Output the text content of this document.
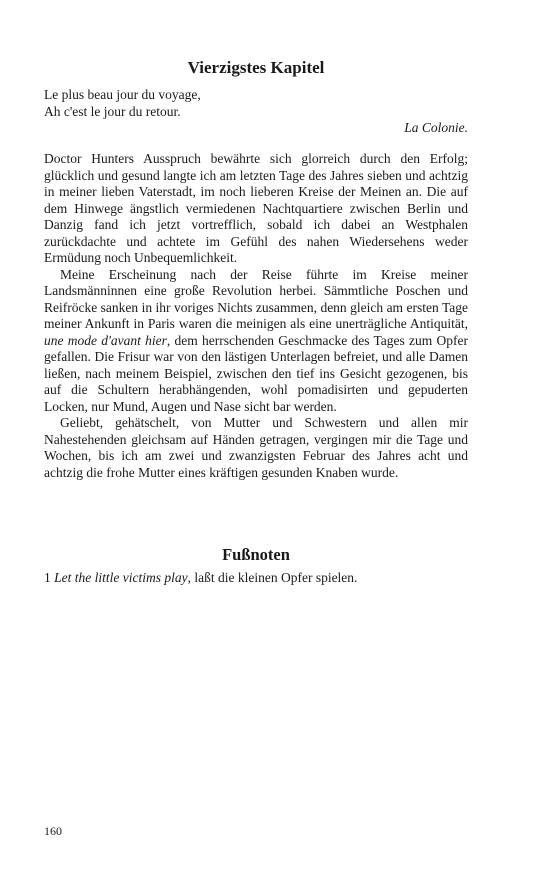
Vierzigstes Kapitel
Le plus beau jour du voyage,
Ah c'est le jour du retour.
La Colonie.

Doctor Hunters Ausspruch bewährte sich glorreich durch den Erfolg; glücklich und gesund langte ich am letzten Tage des Jahres sieben und achtzig in meiner lieben Vaterstadt, im noch lieberen Kreise der Meinen an. Die auf dem Hinwege ängstlich vermiedenen Nachtquartiere zwischen Berlin und Danzig fand ich jetzt vortrefflich, sobald ich dabei an Westphalen zurückdachte und achtete im Gefühl des nahen Wiedersehens weder Ermüdung noch Unbequemlichkeit.

Meine Erscheinung nach der Reise führte im Kreise meiner Landsmänninnen eine große Revolution herbei. Sämmtliche Poschen und Reifröcke sanken in ihr voriges Nichts zusammen, denn gleich am ersten Tage meiner Ankunft in Paris waren die meinigen als eine unerträgliche Antiquität, une mode d'avant hier, dem herrschenden Geschmacke des Tages zum Opfer gefallen. Die Frisur war von den lästigen Unterlagen befreiet, und alle Damen ließen, nach meinem Beispiel, zwischen den tief ins Gesicht gezogenen, bis auf die Schultern herabhängenden, wohl pomadisirten und gepuderten Locken, nur Mund, Augen und Nase sicht bar werden.

Geliebt, gehätschelt, von Mutter und Schwestern und allen mir Nahestehenden gleichsam auf Händen getragen, vergingen mir die Tage und Wochen, bis ich am zwei und zwanzigsten Februar des Jahres acht und achtzig die frohe Mutter eines kräftigen gesunden Knaben wurde.

Fußnoten
1 Let the little victims play, laßt die kleinen Opfer spielen.
160
